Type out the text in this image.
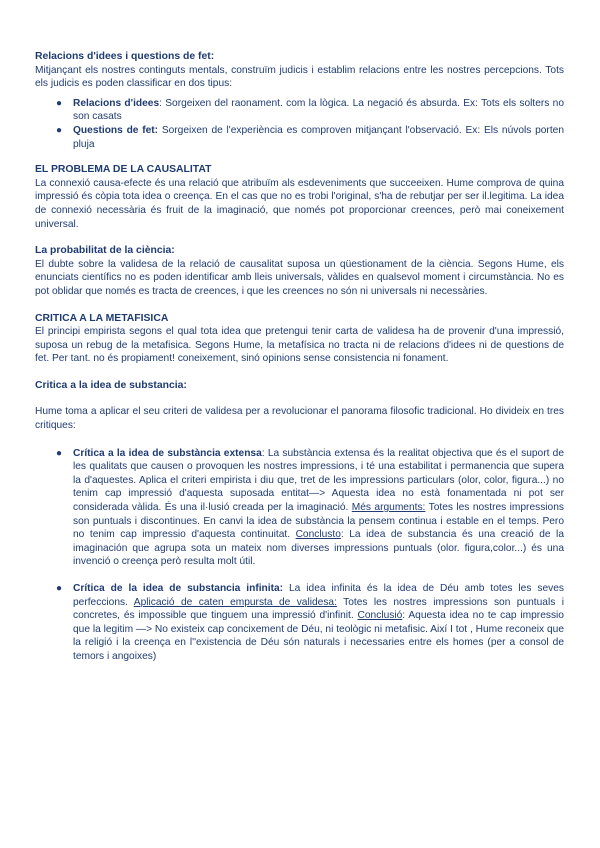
Relacions d'idees i questions de fet:

Mitjançant els nostres continguts mentals, construïm judicis i establim relacions entre les nostres percepcions. Tots els judicis es poden classificar en dos tipus:

● Relacions d'idees: Sorgeixen del raonament. com la lògica. La negació és absurda. Ex: Tots els solters no son casats
● Questions de fet: Sorgeixen de l'experiència es comproven mitjançant l'observació. Ex: Els núvols porten pluja
EL PROBLEMA DE LA CAUSALITAT

La connexió causa-efecte és una relació que atribuïm als esdeveniments que succeeixen. Hume comprova de quina impressió és còpia tota idea o creença. En el cas que no es trobi l'original, s'ha de rebutjar per ser il.legitima. La idea de connexió necessària és fruit de la imaginació, que només pot proporcionar creences, però mai coneixement universal.

La probabilitat de la ciència:

El dubte sobre la validesa de la relació de causalitat suposa un qüestionament de la ciència. Segons Hume, els enunciats científics no es poden identificar amb lleis universals, vàlides en qualsevol moment i circumstància. No es pot oblidar que només es tracta de creences, i que les creences no són ni universals ni necessàries.

CRITICA A LA METAFISICA

El principi empirista segons el qual tota idea que pretengui tenir carta de validesa ha de provenir d'una impressió, suposa un rebug de la metafisica. Segons Hume, la metafísica no tracta ni de relacions d'idees ni de questions de fet. Per tant. no és propiament! coneixement, sinó opinions sense consistencia ni fonament.

Critica a la idea de substancia:

Hume toma a aplicar el seu criteri de validesa per a revolucionar el panorama filosofic tradicional. Ho divideix en tres critiques:

● Crítica a la idea de substància extensa: La substància extensa és la realitat objectiva que és el suport de les qualitats que causen o provoquen les nostres impressions, i té una estabilitat i permanencia que supera la d'aquestes. Aplica el criteri empirista i diu que, tret de les impressions particulars (olor, color, figura...) no tenim cap impressió d'aquesta suposada entitat—> Aquesta idea no està fonamentada ni pot ser considerada vàlida. És una il·lusió creada per la imaginació. Més arguments: Totes les nostres impressions son puntuals i discontinues. En canvi la idea de substància la pensem continua i estable en el temps. Pero no tenim cap impressio d'aquesta continuitat. Conclusto: La idea de substancia és una creació de la imaginación que agrupa sota un mateix nom diverses impressions puntuals (olor. figura,color...) és una invenció o creença però resulta molt útil.
● Crítica de la idea de substancia infinita: La idea infinita és la idea de Déu amb totes les seves perfeccions. Aplicació de caten empursta de validesa: Totes les nostres impressions son puntuals i concretes, és impossible que tinguem una impressió d'infinit. Conclusió: Aquesta idea no te cap impressio que la legitim —> No existeix cap concixement de Déu, ni teològic ni metafisic. Així I tot , Hume reconeix que la religió i la creença en l''existencia de Déu són naturals i necessaries entre els homes (per a consol de temors i angoixes)
